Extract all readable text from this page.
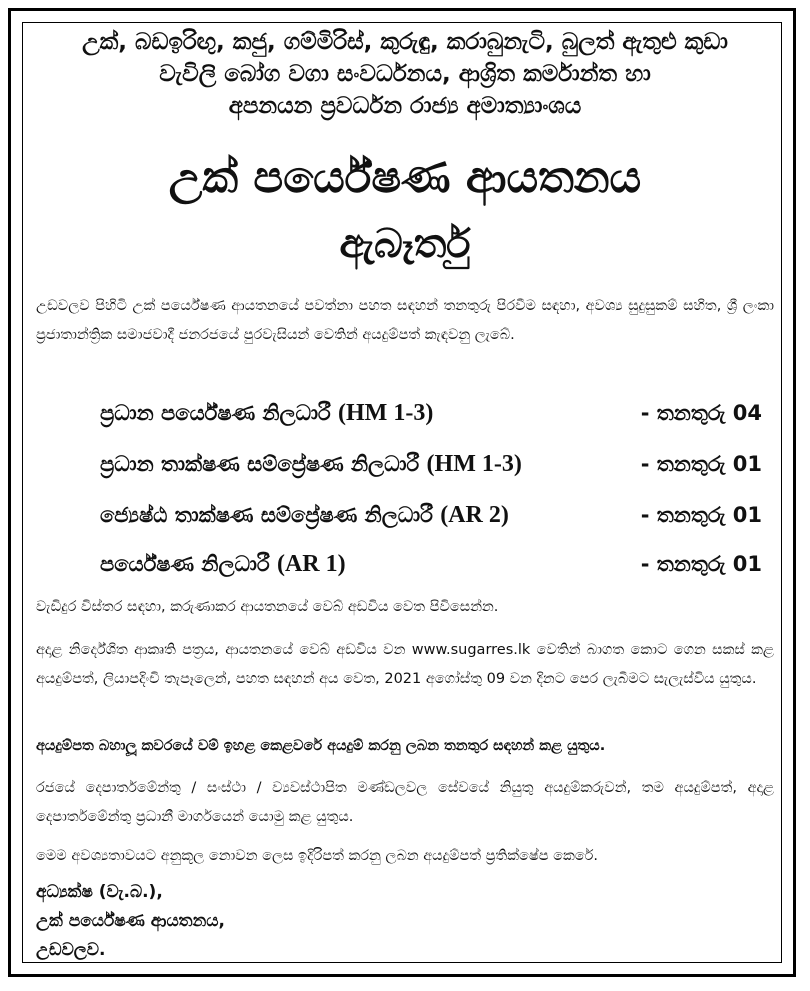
උක්, බඩඉරිඟු, කජු, ගම්මිරිස්, කුරුඳු, කරාබුනැටි, බුලත් ඇතුළු කුඩා
වැවිලි බෝග වගා සංවර්ධනය, ආශ්‍රිත කර්මාන්ත හා
අපනයන ප්‍රවර්ධන රාජ්‍ය අමාත්‍යාංශය
උක් පර්යේෂණ ආයතනය
ඇබෑර්තු
උඩවලව පිහිටි උක් පර්යේෂණ ආයතනයේ පවත්නා පහත සඳහන් තනතුරු පිරවීම සඳහා, අවශ්‍ය සුදුසුකම් සහිත, ශ්‍රී ලංකා ප්‍රජාතාන්ත්‍රික සමාජවාදී ජනරජයේ පුරවැසියන් වෙතින් අයදුම්පත් කැඳවනු ලැබේ.
ප්‍රධාන පර්යේෂණ නිලධාරී (HM 1-3)	- තනතුරු 04
ප්‍රධාන තාක්ෂණ සම්ප්‍රේෂණ නිලධාරී (HM 1-3)	- තනතුරු 01
ජ්‍යෙෂ්ඨ තාක්ෂණ සම්ප්‍රේෂණ නිලධාරී (AR 2)	- තනතුරු 01
පර්යේෂණ නිලධාරී (AR 1)	- තනතුරු 01
වැඩිදුර විස්තර සඳහා, කරුණාකර ආයතනයේ වෙබ් අඩවිය වෙත පිවිසෙන්න.
අදාළ නිර්දේශිත ආකෘති පත්‍රය, ආයතනයේ වෙබ් අඩවිය වන www.sugarres.lk වෙතින් බාගත කොට ගෙන සකස් කළ අයදුම්පත්, ලියාපදිංචි තැපෑලෙන්, පහත සඳහන් අය වෙත, 2021 අගෝස්තු 09 වන දිනට පෙර ලැබීමට සැලැස්විය යුතුය.
අයදුම්පත බහාලූ කවරයේ වම් ඉහළ කෙළවරේ අයදුම් කරනු ලබන තනතුර සඳහන් කළ යුතුය.
රජයේ දෙපාර්තමේන්තු / සංස්ථා / ව්‍යවස්ථාපිත මණ්ඩලවල සේවයේ නියුතු අයදුම්කරුවන්, තම අයදුම්පත්, අදාළ දෙපාර්තමේන්තු ප්‍රධානී මාර්ගයෙන් යොමු කළ යුතුය.
මෙම අවශ්‍යතාවයට අනුකූල නොවන ලෙස ඉදිරිපත් කරනු ලබන අයදුම්පත් ප්‍රතික්ෂේප කෙරේ.
අධ්‍යක්ෂ (වැ.බ.),
උක් පර්යේෂණ ආයතනය,
උඩවලව.
